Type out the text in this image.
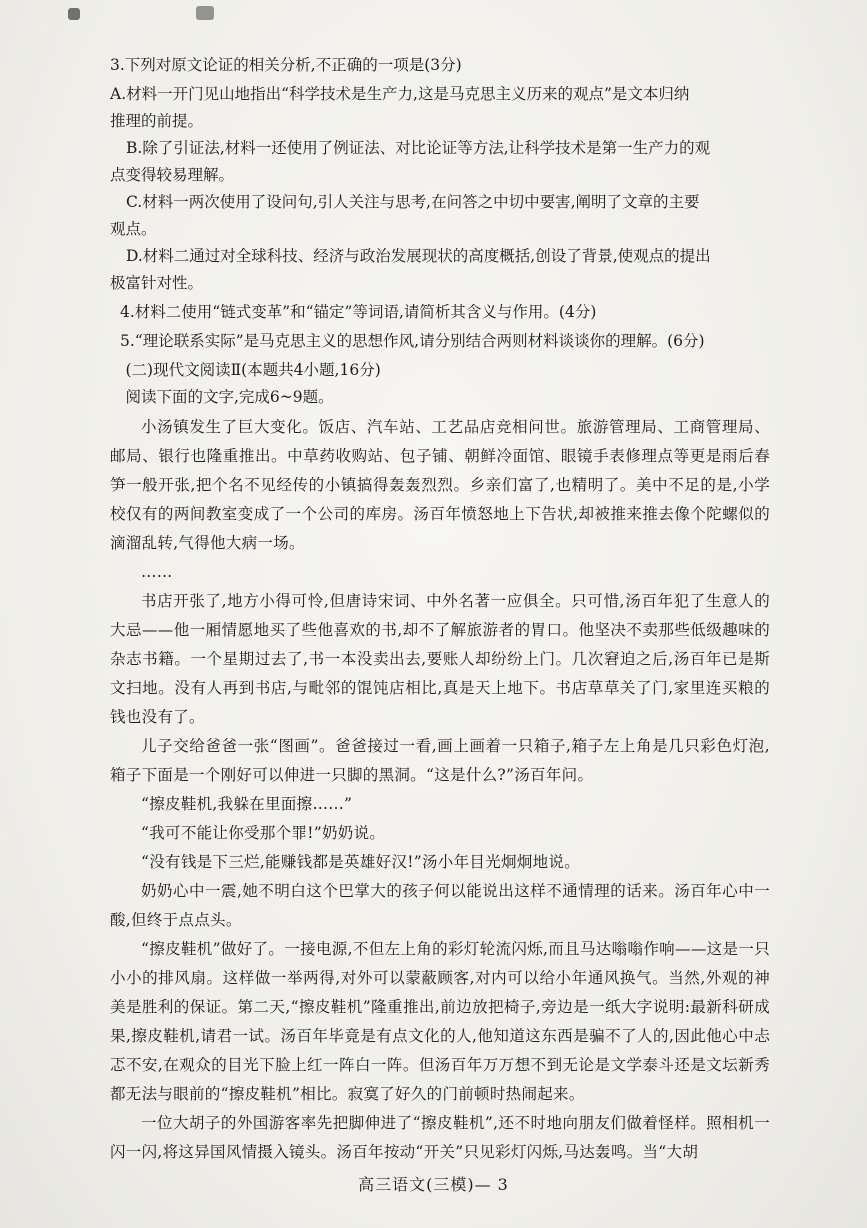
3.下列对原文论证的相关分析,不正确的一项是(3分)

A.材料一开门见山地指出“科学技术是生产力,这是马克思主义历来的观点”是文本归纳
推理的前提。

B.除了引证法,材料一还使用了例证法、对比论证等方法,让科学技术是第一生产力的观
点变得较易理解。

C.材料一两次使用了设问句,引人关注与思考,在问答之中切中要害,阐明了文章的主要
观点。

D.材料二通过对全球科技、经济与政治发展现状的高度概括,创设了背景,使观点的提出
极富针对性。

4.材料二使用“链式变革”和“锚定”等词语,请简析其含义与作用。(4分)

5.“理论联系实际”是马克思主义的思想作风,请分别结合两则材料谈谈你的理解。(6分)

(二)现代文阅读Ⅱ(本题共4小题,16分)

阅读下面的文字,完成6~9题。

小汤镇发生了巨大变化。饭店、汽车站、工艺品店竞相问世。旅游管理局、工商管理局、邮局、银行也隆重推出。中草药收购站、包子铺、朝鲜冷面馆、眼镜手表修理点等更是雨后春笋一般开张,把个名不见经传的小镇搞得轰轰烈烈。乡亲们富了,也精明了。美中不足的是,小学校仅有的两间教室变成了一个公司的库房。汤百年愤怒地上下告状,却被推来推去像个陀螺似的滴溜乱转,气得他大病一场。

……

书店开张了,地方小得可怜,但唐诗宋词、中外名著一应俱全。只可惜,汤百年犯了生意人的大忌——他一厢情愿地买了些他喜欢的书,却不了解旅游者的胃口。他坚决不卖那些低级趣味的杂志书籍。一个星期过去了,书一本没卖出去,要账人却纷纷上门。几次窘迫之后,汤百年已是斯文扫地。没有人再到书店,与毗邻的馄饨店相比,真是天上地下。书店草草关了门,家里连买粮的钱也没有了。

儿子交给爸爸一张“图画”。爸爸接过一看,画上画着一只箱子,箱子左上角是几只彩色灯泡,箱子下面是一个刚好可以伸进一只脚的黑洞。“这是什么?”汤百年问。

“擦皮鞋机,我躲在里面擦……”

“我可不能让你受那个罪!”奶奶说。

“没有钱是下三烂,能赚钱都是英雄好汉!”汤小年目光炯炯地说。

奶奶心中一震,她不明白这个巴掌大的孩子何以能说出这样不通情理的话来。汤百年心中一酸,但终于点点头。

“擦皮鞋机”做好了。一接电源,不但左上角的彩灯轮流闪烁,而且马达嗡嗡作响——这是一只小小的排风扇。这样做一举两得,对外可以蒙蔽顾客,对内可以给小年通风换气。当然,外观的神美是胜利的保证。第二天,“擦皮鞋机”隆重推出,前边放把椅子,旁边是一纸大字说明:最新科研成果,擦皮鞋机,请君一试。汤百年毕竟是有点文化的人,他知道这东西是骗不了人的,因此他心中忐忑不安,在观众的目光下脸上红一阵白一阵。但汤百年万万想不到无论是文学泰斗还是文坛新秀都无法与眼前的“擦皮鞋机”相比。寂寞了好久的门前顿时热闹起来。

一位大胡子的外国游客率先把脚伸进了“擦皮鞋机”,还不时地向朋友们做着怪样。照相机一闪一闪,将这异国风情摄入镜头。汤百年按动“开关”只见彩灯闪烁,马达轰鸣。当“大胡

高三语文(三模)— 3
